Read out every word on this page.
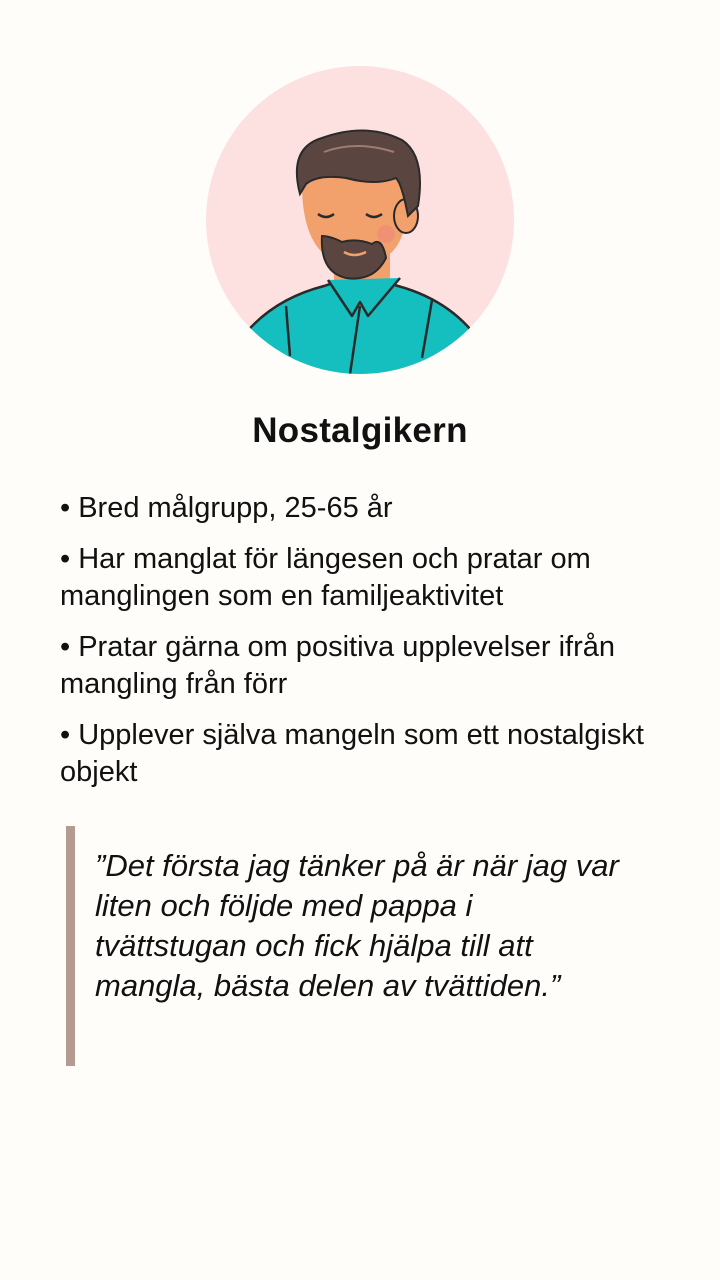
Nostalgikern
• Bred målgrupp, 25-65 år
• Har manglat för längesen och pratar om manglingen som en familjeaktivitet
• Pratar gärna om positiva upplevelser ifrån mangling från förr
• Upplever själva mangeln som ett nostalgiskt objekt
”Det första jag tänker på är när jag var liten och följde med pappa i tvättstugan och fick hjälpa till att mangla, bästa delen av tvättiden.”
